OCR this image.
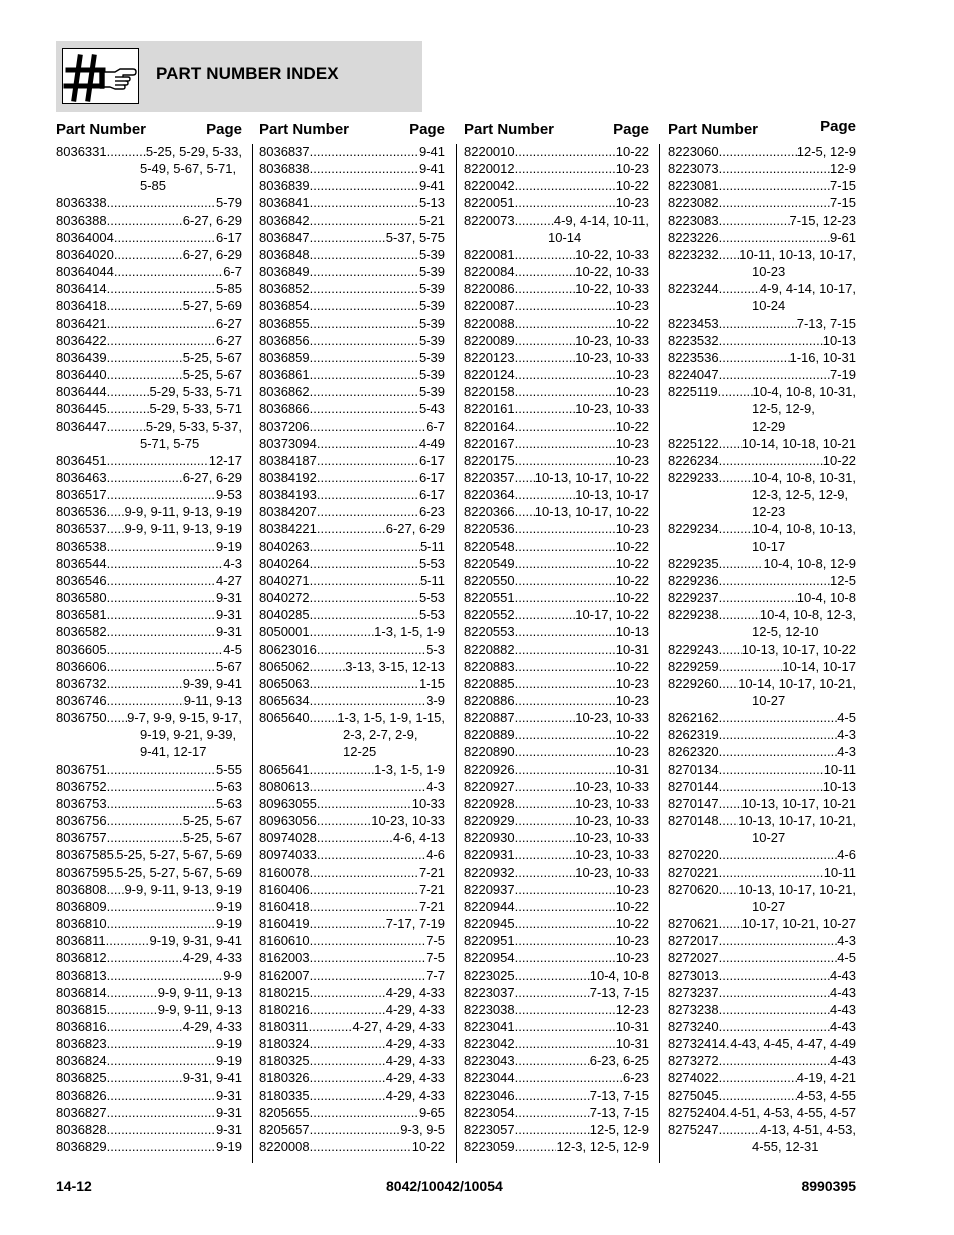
PART NUMBER INDEX
Part Number	Page
8036331 .....	5-25, 5-29, 5-33,
5-49, 5-67, 5-71,
5-85
8036338 .....	5-79
8036388 .....	6-27, 6-29
80364004 .....	6-17
80364020 .....	6-27, 6-29
80364044 .....	6-7
8036414 .....	5-85
8036418 .....	5-27, 5-69
8036421 .....	6-27
8036422 .....	6-27
8036439 .....	5-25, 5-67
8036440 .....	5-25, 5-67
8036444 .....	5-29, 5-33, 5-71
8036445 .....	5-29, 5-33, 5-71
8036447 .....	5-29, 5-33, 5-37,
5-71, 5-75
8036451 .....	12-17
8036463 .....	6-27, 6-29
8036517 .....	9-53
8036536 ..... 9-9, 9-11, 9-13, 9-19
8036537 ..... 9-9, 9-11, 9-13, 9-19
8036538 .....	9-19
8036544 .....	4-3
8036546 .....	4-27
8036580 .....	9-31
8036581 .....	9-31
8036582 .....	9-31
8036605 .....	4-5
8036606 .....	5-67
8036732 .....	9-39, 9-41
8036746 .....	9-11, 9-13
8036750 ..... 9-7, 9-9, 9-15, 9-17,
9-19, 9-21, 9-39,
9-41, 12-17
8036751 .....	5-55
8036752 .....	5-63
8036753 .....	5-63
8036756 .....	5-25, 5-67
8036757 .....	5-25, 5-67
80367585 ..... 5-25, 5-27, 5-67, 5-69
80367595 ..... 5-25, 5-27, 5-67, 5-69
8036808 ..... 9-9, 9-11, 9-13, 9-19
8036809 .....	9-19
8036810 .....	9-19
8036811 .....	9-19, 9-31, 9-41
8036812 .....	4-29, 4-33
8036813 .....	9-9
8036814 .....	9-9, 9-11, 9-13
8036815 .....	9-9, 9-11, 9-13
8036816 .....	4-29, 4-33
8036823 .....	9-19
8036824 .....	9-19
8036825 .....	9-31, 9-41
8036826 .....	9-31
8036827 .....	9-31
8036828 .....	9-31
8036829 .....	9-19
Part Number	Page
8036837 .....	9-41
8036838 .....	9-41
8036839 .....	9-41
8036841 .....	5-13
8036842 .....	5-21
8036847 .....	5-37, 5-75
8036848 .....	5-39
8036849 .....	5-39
8036852 .....	5-39
8036854 .....	5-39
8036855 .....	5-39
8036856 .....	5-39
8036859 .....	5-39
8036861 .....	5-39
8036862 .....	5-39
8036866 .....	5-43
8037206 .....	6-7
80373094 .....	4-49
80384187 .....	6-17
80384192 .....	6-17
80384193 .....	6-17
80384207 .....	6-23
80384221 .....	6-27, 6-29
8040263 .....	5-11
8040264 .....	5-53
8040271 .....	5-11
8040272 .....	5-53
8040285 .....	5-53
8050001 .....	1-3, 1-5, 1-9
80623016 .....	5-3
8065062 .....	3-13, 3-15, 12-13
8065063 .....	1-15
8065634 .....	3-9
8065640 ..... 1-3, 1-5, 1-9, 1-15,
2-3, 2-7, 2-9,
12-25
8065641 .....	1-3, 1-5, 1-9
8080613 .....	4-3
80963055 .....	10-33
80963056 .....	10-23, 10-33
80974028 .....	4-6, 4-13
80974033 .....	4-6
8160078 .....	7-21
8160406 .....	7-21
8160418 .....	7-21
8160419 .....	7-17, 7-19
8160610 .....	7-5
8162003 .....	7-5
8162007 .....	7-7
8180215 .....	4-29, 4-33
8180216 .....	4-29, 4-33
8180311 .....	4-27, 4-29, 4-33
8180324 .....	4-29, 4-33
8180325 .....	4-29, 4-33
8180326 .....	4-29, 4-33
8180335 .....	4-29, 4-33
8205655 .....	9-65
8205657 .....	9-3, 9-5
8220008 .....	10-22
Part Number	Page
8220010 .....	10-22
8220012 .....	10-23
8220042 .....	10-22
8220051 .....	10-23
8220073 .....	4-9, 4-14, 10-11,
10-14
8220081 .....	10-22, 10-33
8220084 .....	10-22, 10-33
8220086 .....	10-22, 10-33
8220087 .....	10-23
8220088 .....	10-22
8220089 .....	10-23, 10-33
8220123 .....	10-23, 10-33
8220124 .....	10-23
8220158 .....	10-23
8220161 .....	10-23, 10-33
8220164 .....	10-22
8220167 .....	10-23
8220175 .....	10-23
8220357 ..... 10-13, 10-17, 10-22
8220364 .....	10-13, 10-17
8220366 ..... 10-13, 10-17, 10-22
8220536 .....	10-23
8220548 .....	10-22
8220549 .....	10-22
8220550 .....	10-22
8220551 .....	10-22
8220552 .....	10-17, 10-22
8220553 .....	10-13
8220882 .....	10-31
8220883 .....	10-22
8220885 .....	10-23
8220886 .....	10-23
8220887 .....	10-23, 10-33
8220889 .....	10-22
8220890 .....	10-23
8220926 .....	10-31
8220927 .....	10-23, 10-33
8220928 .....	10-23, 10-33
8220929 .....	10-23, 10-33
8220930 .....	10-23, 10-33
8220931 .....	10-23, 10-33
8220932 .....	10-23, 10-33
8220937 .....	10-23
8220944 .....	10-22
8220945 .....	10-22
8220951 .....	10-23
8220954 .....	10-23
8223025 .....	10-4, 10-8
8223037 .....	7-13, 7-15
8223038 .....	12-23
8223041 .....	10-31
8223042 .....	10-31
8223043 .....	6-23, 6-25
8223044 .....	6-23
8223046 .....	7-13, 7-15
8223054 .....	7-13, 7-15
8223057 .....	12-5, 12-9
8223059 .....	12-3, 12-5, 12-9
Part Number	Page
8223060 .....	12-5, 12-9
8223073 .....	12-9
8223081 .....	7-15
8223082 .....	7-15
8223083 .....	7-15, 12-23
8223226 .....	9-61
8223232 ..... 10-11, 10-13, 10-17,
10-23
8223244 .....	4-9, 4-14, 10-17,
10-24
8223453 .....	7-13, 7-15
8223532 .....	10-13
8223536 .....	1-16, 10-31
8224047 .....	7-19
8225119 .....	10-4, 10-8, 10-31,
12-5, 12-9,
12-29
8225122 ..... 10-14, 10-18, 10-21
8226234 .....	10-22
8229233 .....	10-4, 10-8, 10-31,
12-3, 12-5, 12-9,
12-23
8229234 .....	10-4, 10-8, 10-13,
10-17
8229235 .....	10-4, 10-8, 12-9
8229236 .....	12-5
8229237 .....	10-4, 10-8
8229238 .....	10-4, 10-8, 12-3,
12-5, 12-10
8229243 ..... 10-13, 10-17, 10-22
8229259 .....	10-14, 10-17
8229260 ..... 10-14, 10-17, 10-21,
10-27
8262162 .....	4-5
8262319 .....	4-3
8262320 .....	4-3
8270134 .....	10-11
8270144 .....	10-13
8270147 ..... 10-13, 10-17, 10-21
8270148 ..... 10-13, 10-17, 10-21,
10-27
8270220 .....	4-6
8270221 .....	10-11
8270620 ..... 10-13, 10-17, 10-21,
10-27
8270621 ..... 10-17, 10-21, 10-27
8272017 .....	4-3
8272027 .....	4-5
8273013 .....	4-43
8273237 .....	4-43
8273238 .....	4-43
8273240 .....	4-43
82732414 ..... 4-43, 4-45, 4-47, 4-49
8273272 .....	4-43
8274022 .....	4-19, 4-21
8275045 .....	4-53, 4-55
82752404 ..... 4-51, 4-53, 4-55, 4-57
8275247 .....	4-13, 4-51, 4-53,
4-55, 12-31
14-12	8042/10042/10054	8990395
